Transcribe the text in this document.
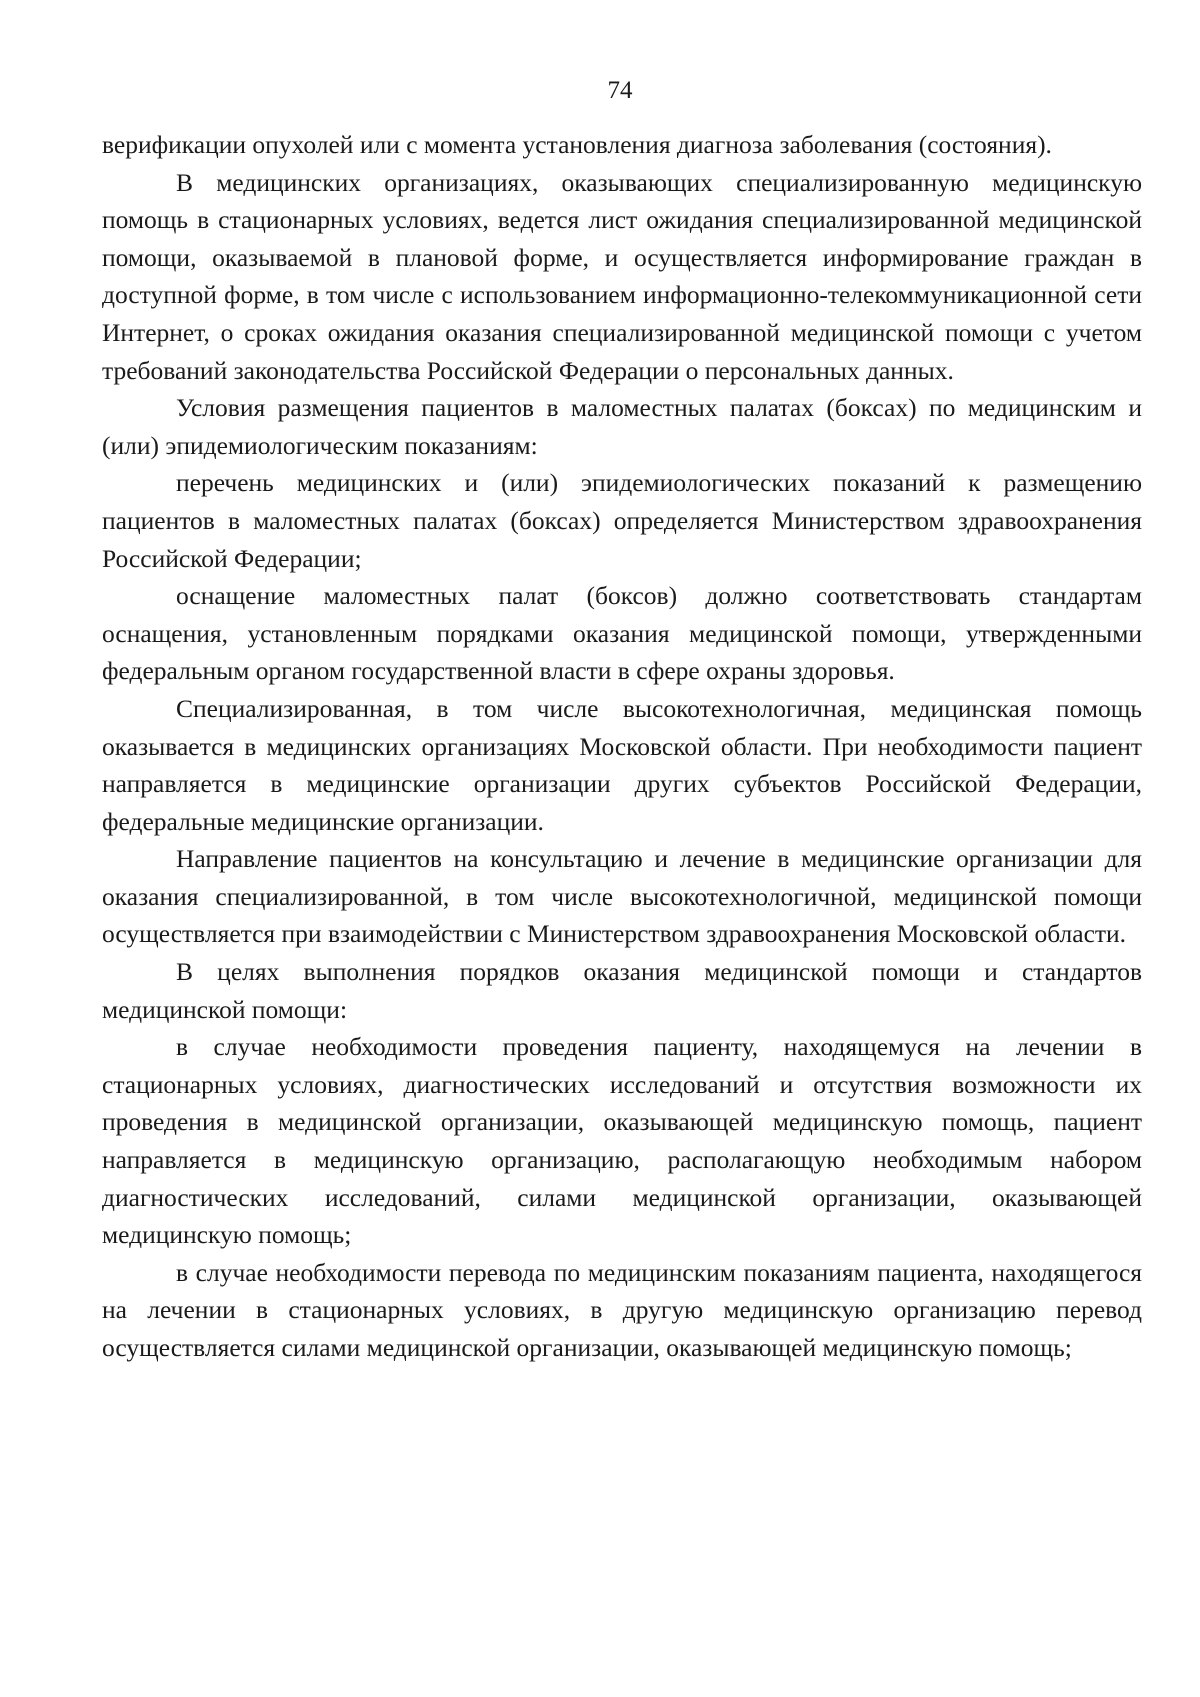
74

верификации опухолей или с момента установления диагноза заболевания (состояния).

В медицинских организациях, оказывающих специализированную медицинскую помощь в стационарных условиях, ведется лист ожидания специализированной медицинской помощи, оказываемой в плановой форме, и осуществляется информирование граждан в доступной форме, в том числе с использованием информационно-телекоммуникационной сети Интернет, о сроках ожидания оказания специализированной медицинской помощи с учетом требований законодательства Российской Федерации о персональных данных.

Условия размещения пациентов в маломестных палатах (боксах) по медицинским и (или) эпидемиологическим показаниям:

перечень медицинских и (или) эпидемиологических показаний к размещению пациентов в маломестных палатах (боксах) определяется Министерством здравоохранения Российской Федерации;

оснащение маломестных палат (боксов) должно соответствовать стандартам оснащения, установленным порядками оказания медицинской помощи, утвержденными федеральным органом государственной власти в сфере охраны здоровья.

Специализированная, в том числе высокотехнологичная, медицинская помощь оказывается в медицинских организациях Московской области. При необходимости пациент направляется в медицинские организации других субъектов Российской Федерации, федеральные медицинские организации.

Направление пациентов на консультацию и лечение в медицинские организации для оказания специализированной, в том числе высокотехнологичной, медицинской помощи осуществляется при взаимодействии с Министерством здравоохранения Московской области.

В целях выполнения порядков оказания медицинской помощи и стандартов медицинской помощи:

в случае необходимости проведения пациенту, находящемуся на лечении в стационарных условиях, диагностических исследований и отсутствия возможности их проведения в медицинской организации, оказывающей медицинскую помощь, пациент направляется в медицинскую организацию, располагающую необходимым набором диагностических исследований, силами медицинской организации, оказывающей медицинскую помощь;

в случае необходимости перевода по медицинским показаниям пациента, находящегося на лечении в стационарных условиях, в другую медицинскую организацию перевод осуществляется силами медицинской организации, оказывающей медицинскую помощь;
